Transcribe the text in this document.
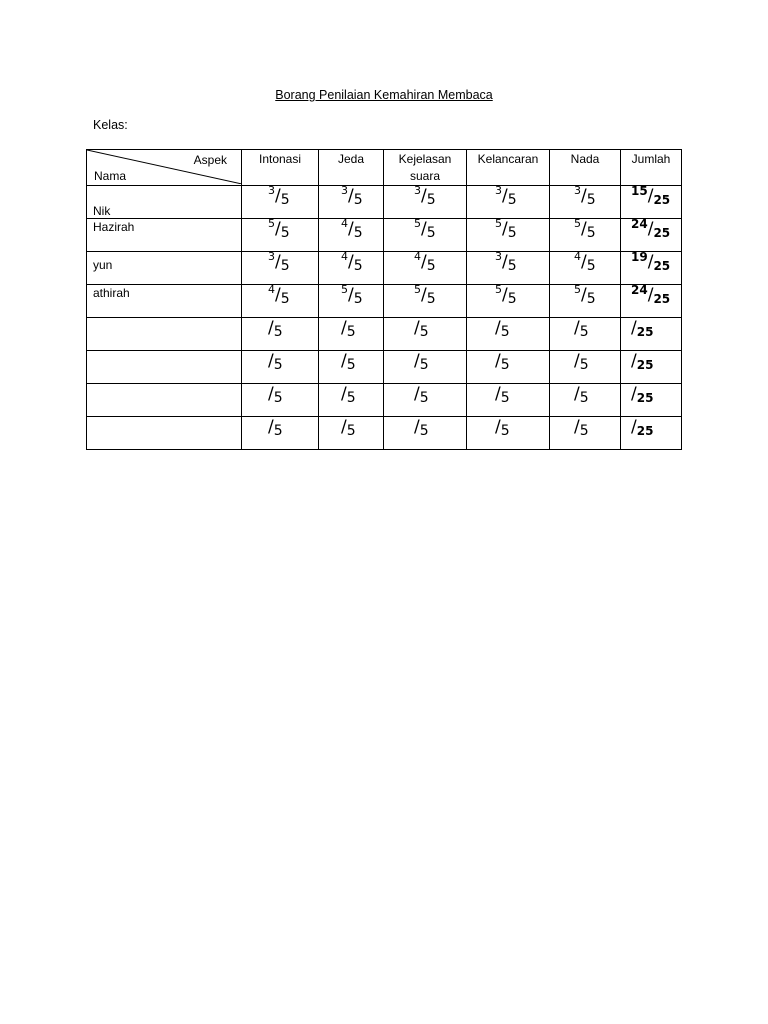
Borang Penilaian Kemahiran Membaca
Kelas:
Aspek
Nama	Intonasi	Jeda	Kejelasan suara	Kelancaran	Nada	Jumlah

Nik	$^3$/5	$^3$/5	$^3$/5	$^3$/5	$^3$/5	$^{15}$/25

Hazirah	$^5$/5	$^4$/5	$^5$/5	$^5$/5	$^5$/5	$^{24}$/25

yun	$^3$/5	$^4$/5	$^4$/5	$^3$/5	$^4$/5	$^{19}$/25

athirah	$^4$/5	$^5$/5	$^5$/5	$^5$/5	$^5$/5	$^{24}$/25

	/5	/5	/5	/5	/5	/25

	/5	/5	/5	/5	/5	/25

	/5	/5	/5	/5	/5	/25

	/5	/5	/5	/5	/5	/25
